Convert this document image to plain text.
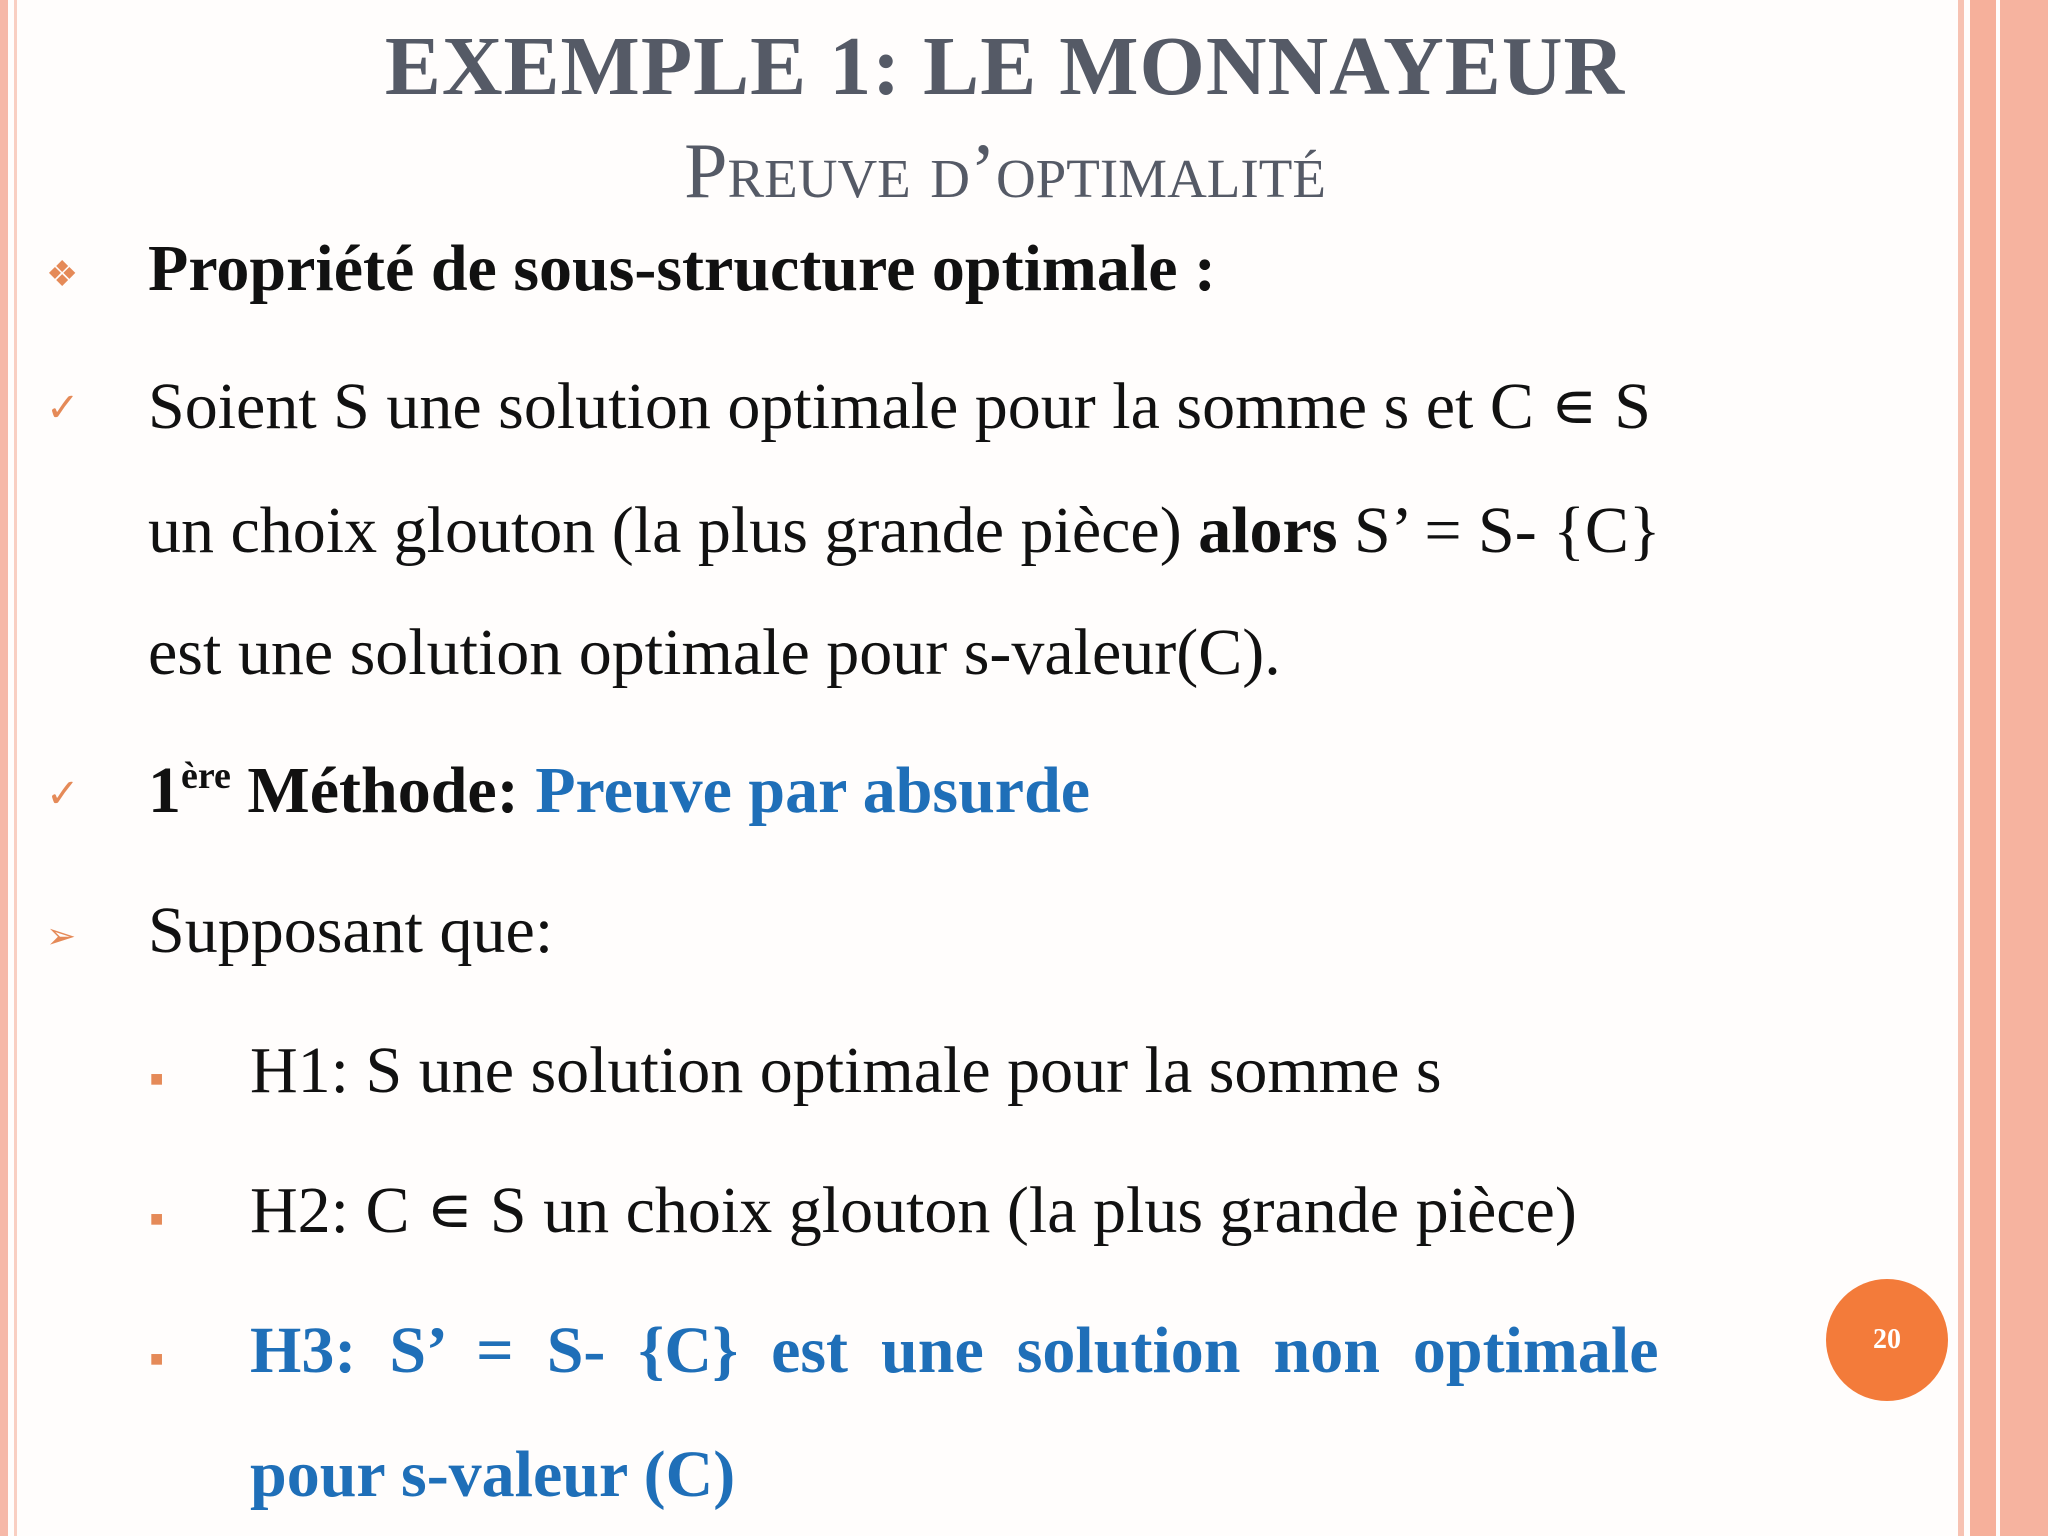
EXEMPLE 1: LE MONNAYEUR
Preuve d’optimalité
❖ Propriété de sous-structure optimale :
✓ Soient S une solution optimale pour la somme s et C ∊ S
un choix glouton (la plus grande pièce) alors S’ = S- {C}
est une solution optimale pour s-valeur(C).
✓ 1ère Méthode: Preuve par absurde
➢ Supposant que:
■ H1: S une solution optimale pour la somme s
■ H2: C ∊ S un choix glouton (la plus grande pièce)
■
20
H3:  S’  =  S-  {C}  est  une  solution  non  optimale
pour s-valeur (C)
